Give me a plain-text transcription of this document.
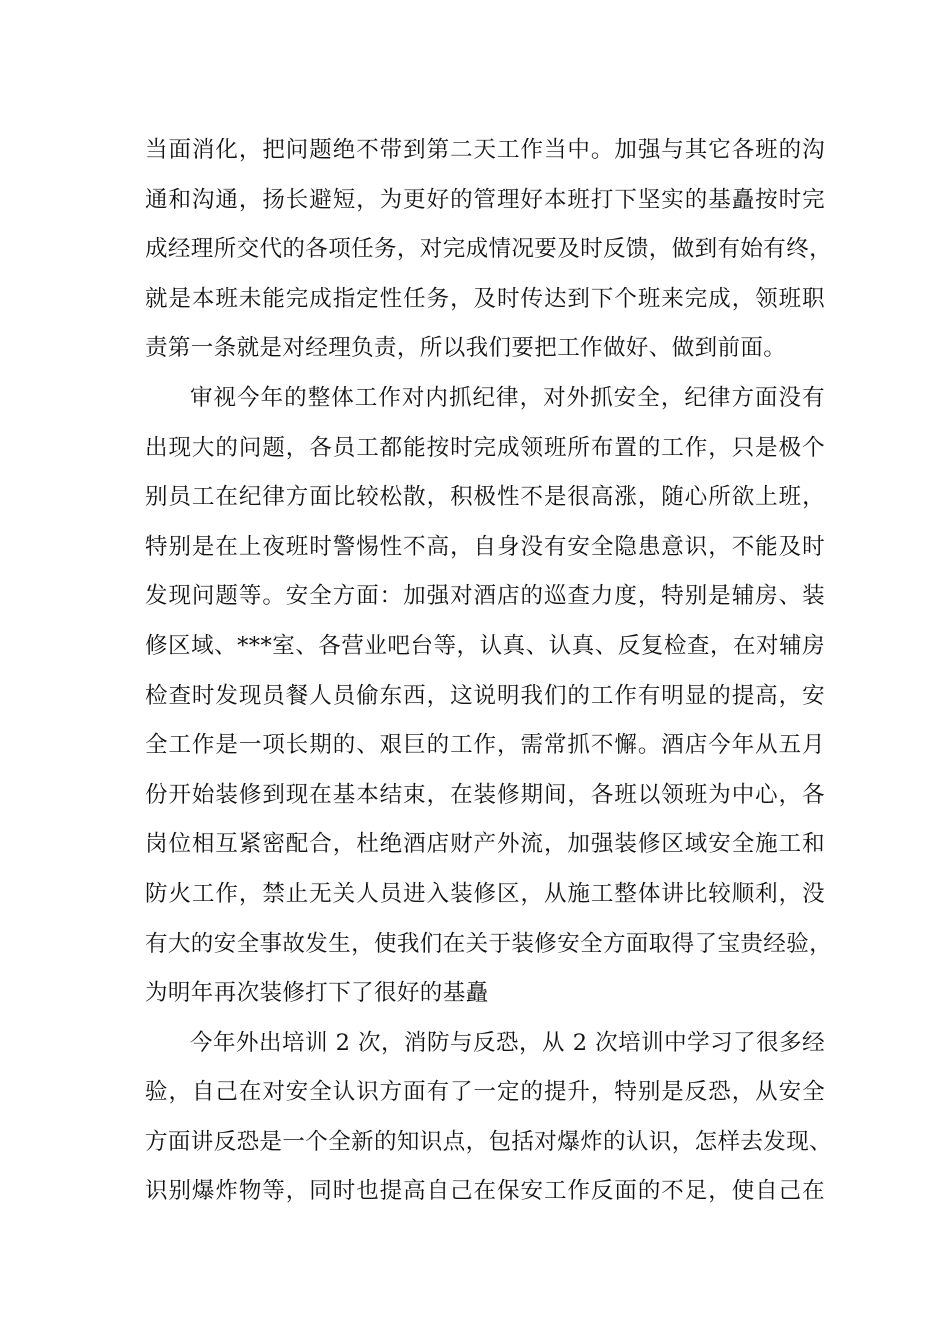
当面消化，把问题绝不带到第二天工作当中。加强与其它各班的沟
通和沟通，扬长避短，为更好的管理好本班打下坚实的基矗按时完
成经理所交代的各项任务，对完成情况要及时反馈，做到有始有终，
就是本班未能完成指定性任务，及时传达到下个班来完成，领班职
责第一条就是对经理负责，所以我们要把工作做好、做到前面。
审视今年的整体工作对内抓纪律，对外抓安全，纪律方面没有
出现大的问题，各员工都能按时完成领班所布置的工作，只是极个
别员工在纪律方面比较松散，积极性不是很高涨，随心所欲上班，
特别是在上夜班时警惕性不高，自身没有安全隐患意识，不能及时
发现问题等。安全方面：加强对酒店的巡查力度，特别是辅房、装
修区域、***室、各营业吧台等，认真、认真、反复检查，在对辅房
检查时发现员餐人员偷东西，这说明我们的工作有明显的提高，安
全工作是一项长期的、艰巨的工作，需常抓不懈。酒店今年从五月
份开始装修到现在基本结束，在装修期间，各班以领班为中心，各
岗位相互紧密配合，杜绝酒店财产外流，加强装修区域安全施工和
防火工作，禁止无关人员进入装修区，从施工整体讲比较顺利，没
有大的安全事故发生，使我们在关于装修安全方面取得了宝贵经验，
为明年再次装修打下了很好的基矗
今年外出培训 2 次，消防与反恐，从 2 次培训中学习了很多经
验，自己在对安全认识方面有了一定的提升，特别是反恐，从安全
方面讲反恐是一个全新的知识点，包括对爆炸的认识，怎样去发现、
识别爆炸物等，同时也提高自己在保安工作反面的不足，使自己在
